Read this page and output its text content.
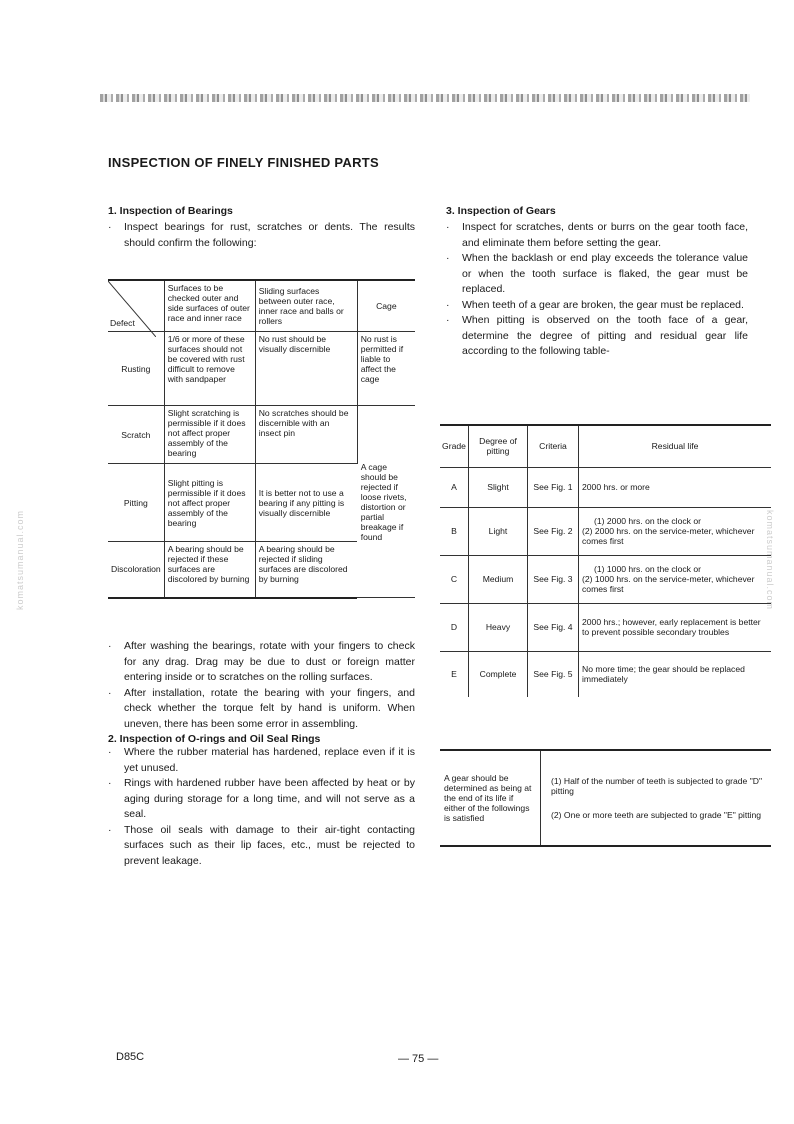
komatsumanual.com	komatsumanual.com
INSPECTION OF FINELY FINISHED PARTS
1. Inspection of Bearings
· Inspect bearings for rust, scratches or dents. The results should confirm the following:
Defect	Surfaces to be checked outer and side surfaces of outer race and inner race	Sliding surfaces between outer race, inner race and balls or rollers	Cage
Rusting	1/6 or more of these surfaces should not be covered with rust difficult to remove with sandpaper	No rust should be visually discernible	No rust is permitted if liable to affect the cage
Scratch	Slight scratching is permissible if it does not affect proper assembly of the bearing	No scratches should be discernible with an insect pin	A cage should be rejected if loose rivets, distortion or partial breakage if found
Pitting	Slight pitting is permissible if it does not affect proper assembly of the bearing	It is better not to use a bearing if any pitting is visually discernible	
Discoloration	A bearing should be rejected if these surfaces are discolored by burning	A bearing should be rejected if sliding surfaces are discolored by burning	
· After washing the bearings, rotate with your fingers to check for any drag. Drag may be due to dust or foreign matter entering inside or to scratches on the rolling surfaces.
· After installation, rotate the bearing with your fingers, and check whether the torque felt by hand is uniform. When uneven, there has been some error in assembling.
2. Inspection of O-rings and Oil Seal Rings
· Where the rubber material has hardened, replace even if it is yet unused.
· Rings with hardened rubber have been affected by heat or by aging during storage for a long time, and will not serve as a seal.
· Those oil seals with damage to their air-tight contacting surfaces such as their lip faces, etc., must be rejected to prevent leakage.
3. Inspection of Gears
· Inspect for scratches, dents or burrs on the gear tooth face, and eliminate them before setting the gear.
· When the backlash or end play exceeds the tolerance value or when the tooth surface is flaked, the gear must be replaced.
· When teeth of a gear are broken, the gear must be replaced.
· When pitting is observed on the tooth face of a gear, determine the degree of pitting and residual gear life according to the following table-
Grade	Degree of pitting	Criteria	Residual life
A	Slight	See Fig. 1	2000 hrs. or more

B	Light	See Fig. 2	(1) 2000 hrs. on the clock or
(2) 2000 hrs. on the service-meter, whichever comes first

C	Medium	See Fig. 3	(1) 1000 hrs. on the clock or
(2) 1000 hrs. on the service-meter, whichever comes first

D	Heavy	See Fig. 4	2000 hrs.; however, early replacement is better to prevent possible secondary troubles

E	Complete	See Fig. 5	No more time; the gear should be replaced immediately
A gear should be determined as being at the end of its life if either of the followings is satisfied	
(1) Half of the number of teeth is subjected to grade "D" pitting
(2) One or more teeth are subjected to grade "E" pitting
D85C	— 75 —
